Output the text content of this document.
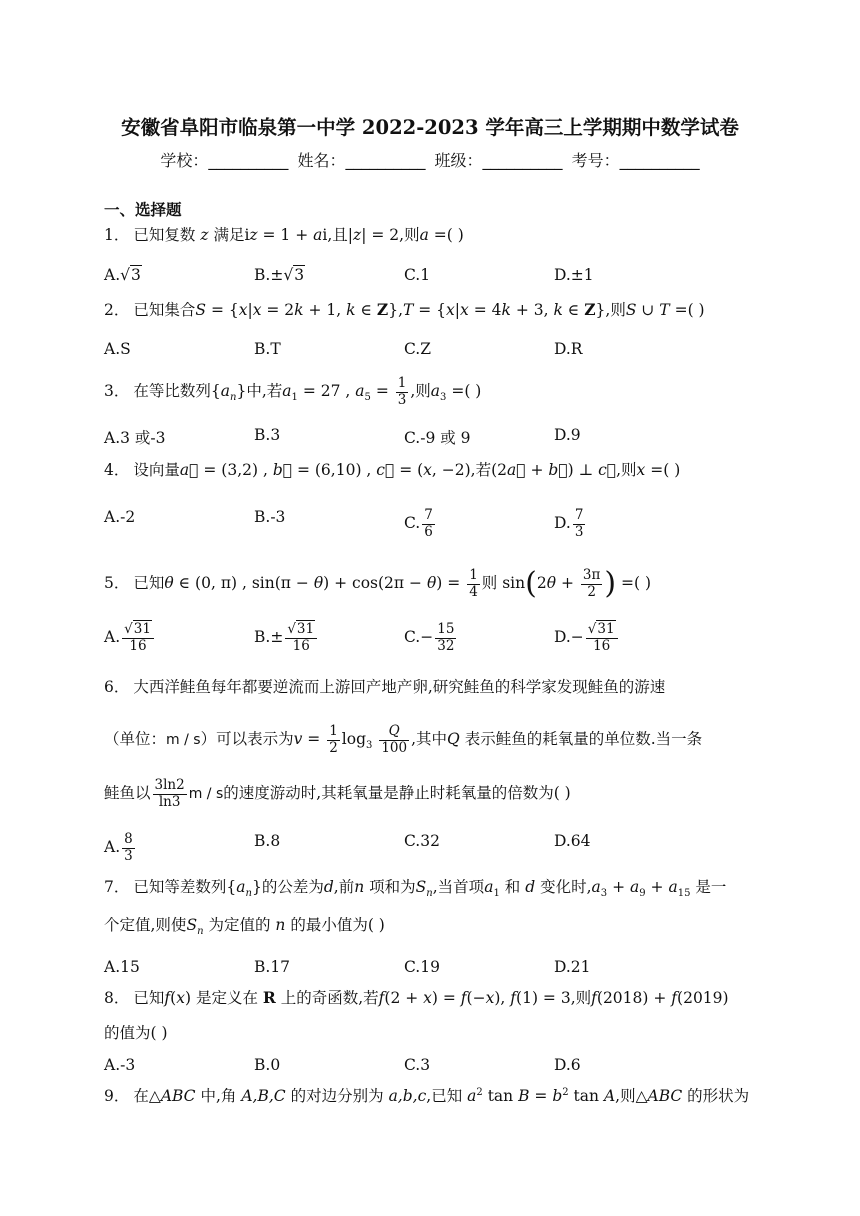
安徽省阜阳市临泉第一中学 2022-2023 学年高三上学期期中数学试卷
学校：__________ 姓名：__________ 班级：__________ 考号：__________
一、选择题
1． 已知复数 z 满足iz = 1 + ai,且|z| = 2,则a =( )
A.√3	B.±√3	C.1	D.±1
2． 已知集合S = {x|x = 2k + 1, k ∈ Z},T = {x|x = 4k + 3, k ∈ Z},则S ∪ T =( )
A.S	B.T	C.Z	D.R
3． 在等比数列$\{a_n\}$中,若$a_1 = 27$ , $a_5 = \frac{1}{3}$ ,则$a_3$ =( )
A.3 或-3	B.3	C.-9 或 9	D.9
4． 设向量a⃗ = (3,2) , b⃗ = (6,10) , c⃗ = (x, −2),若(2a⃗ + b⃗) ⊥ c⃗,则x =( )
A.-2	B.-3	C. $\frac{7}{6}$	D. $\frac{7}{3}$
5． 已知θ ∈ (0, π) , $\sin(\pi - \theta) + \cos(2\pi - \theta) = \frac{1}{4}$ 则 $\sin(2\theta + \frac{3\pi}{2}$ ) =( )
A. $\frac{√31}{16}$	$B.\pm \frac{√31}{16}$	$C.- \frac{15}{32}$	$D.- \frac{√31}{16}$
6． 大西洋鲑鱼每年都要逆流而上游回产地产卵,研究鲑鱼的科学家发现鲑鱼的游速
（单位：m / s）可以表示为$v = \frac{1}{2} \log_3 \frac{Q}{100}$ ,其中Q 表示鲑鱼的耗氧量的单位数.当一条
鲑鱼以 $\frac{3\ln 2}{\ln 3}$ m / s的速度游动时,其耗氧量是静止时耗氧量的倍数为( )
A. $\frac{8}{3}$	B.8	C.32	D.64
7． 已知等差数列$\{a_n\}$的公差为d,前n 项和为$S_n$,当首项$a_1$ 和 d 变化时$,a_3 + a_9 + a_{15}$ 是一
个定值,则使$S_n$ 为定值的 n 的最小值为( )
A.15	B.17	C.19	D.21
8． 已知f(x) 是定义在 R 上的奇函数,若f(2 + x) = f(−x), f(1) = 3,则f(2018) + f(2019)
的值为( )
A.-3	B.0	C.3	D.6
9． 在△ABC 中,角 A,B,C 的对边分别为 a,b,c,已知 $a^2$ $\tan B = b^2$ tan A,则△ABC 的形状为
